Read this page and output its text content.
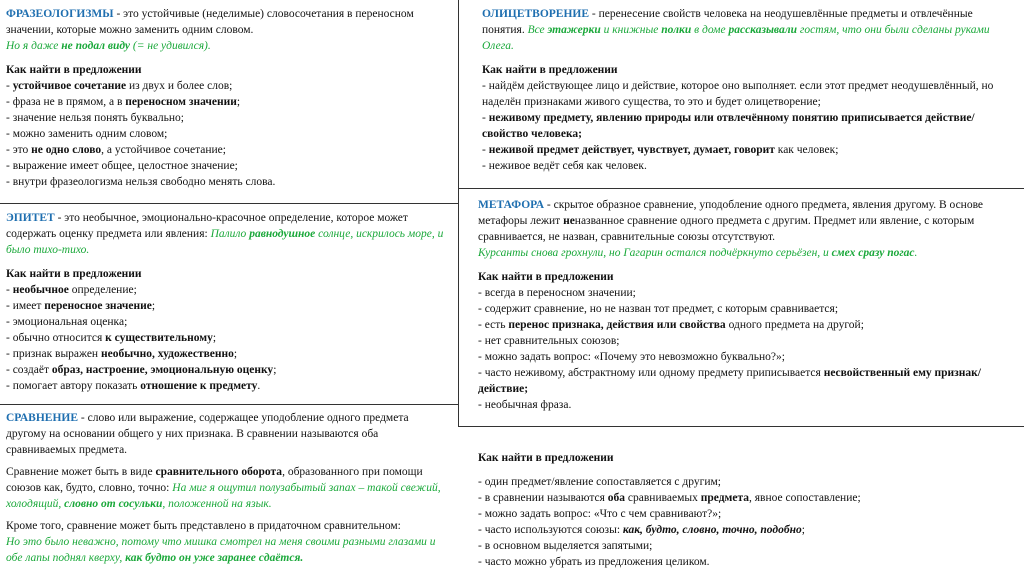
ФРАЗЕОЛОГИЗМЫ - это устойчивые (неделимые) словосочетания в переносном значении, которые можно заменить одним словом.

Но я даже не подал виду (= не удивился).

Как найти в предложении

- устойчивое сочетание из двух и более слов;

- фраза не в прямом, а в переносном значении;

- значение нельзя понять буквально;

- можно заменить одним словом;

- это не одно слово, а устойчивое сочетание;

- выражение имеет общее, целостное значение;

- внутри фразеологизма нельзя свободно менять слова.

ЭПИТЕТ - это необычное, эмоционально-красочное определение, которое может содержать оценку предмета или явления: Палило равнодушное солнце, искрилось море, и было тихо-тихо.

Как найти в предложении

- необычное определение;

- имеет переносное значение;

- эмоциональная оценка;

- обычно относится к существительному;

- признак выражен необычно, художественно;

- создаёт образ, настроение, эмоциональную оценку;

- помогает автору показать отношение к предмету.

СРАВНЕНИЕ - слово или выражение, содержащее уподобление одного предмета другому на основании общего у них признака. В сравнении называются оба сравниваемых предмета.

Сравнение может быть в виде сравнительного оборота, образованного при помощи союзов как, будто, словно, точно: На миг я ощутил полузабытый запах – такой свежий, холодящий, словно от сосульки, положенной на язык.

Кроме того, сравнение может быть представлено в придаточном сравнительном:

Но это было неважно, потому что мишка смотрел на меня своими разными глазами и обе лапы поднял кверху, как будто он уже заранее сдаётся.

ОЛИЦЕТВОРЕНИЕ - перенесение свойств человека на неодушевлённые предметы и отвлечённые понятия. Все этажерки и книжные полки в доме рассказывали гостям, что они были сделаны руками Олега.

Как найти в предложении

- найдём действующее лицо и действие, которое оно выполняет. если этот предмет неодушевлённый, но наделён признаками живого существа, то это и будет олицетворение;

- неживому предмету, явлению природы или отвлечённому понятию приписывается действие/свойство человека;

- неживой предмет действует, чувствует, думает, говорит как человек;

- неживое ведёт себя как человек.

МЕТАФОРА - скрытое образное сравнение, уподобление одного предмета, явления другому. В основе метафоры лежит неназванное сравнение одного предмета с другим. Предмет или явление, с которым сравнивается, не назван, сравнительные союзы отсутствуют.

Курсанты снова грохнули, но Гагарин остался подчёркнуто серьёзен, и смех сразу погас.

Как найти в предложении

- всегда в переносном значении;

- содержит сравнение, но не назван тот предмет, с которым сравнивается;

- есть перенос признака, действия или свойства одного предмета на другой;

- нет сравнительных союзов;

- можно задать вопрос: «Почему это невозможно буквально?»;

- часто неживому, абстрактному или одному предмету приписывается несвойственный ему признак/действие;

- необычная фраза.

Как найти в предложении

- один предмет/явление сопоставляется с другим;

- в сравнении называются оба сравниваемых предмета, явное сопоставление;

- можно задать вопрос: «Что с чем сравнивают?»;

- часто используются союзы: как, будто, словно, точно, подобно;

- в основном выделяется запятыми;

- часто можно убрать из предложения целиком.
